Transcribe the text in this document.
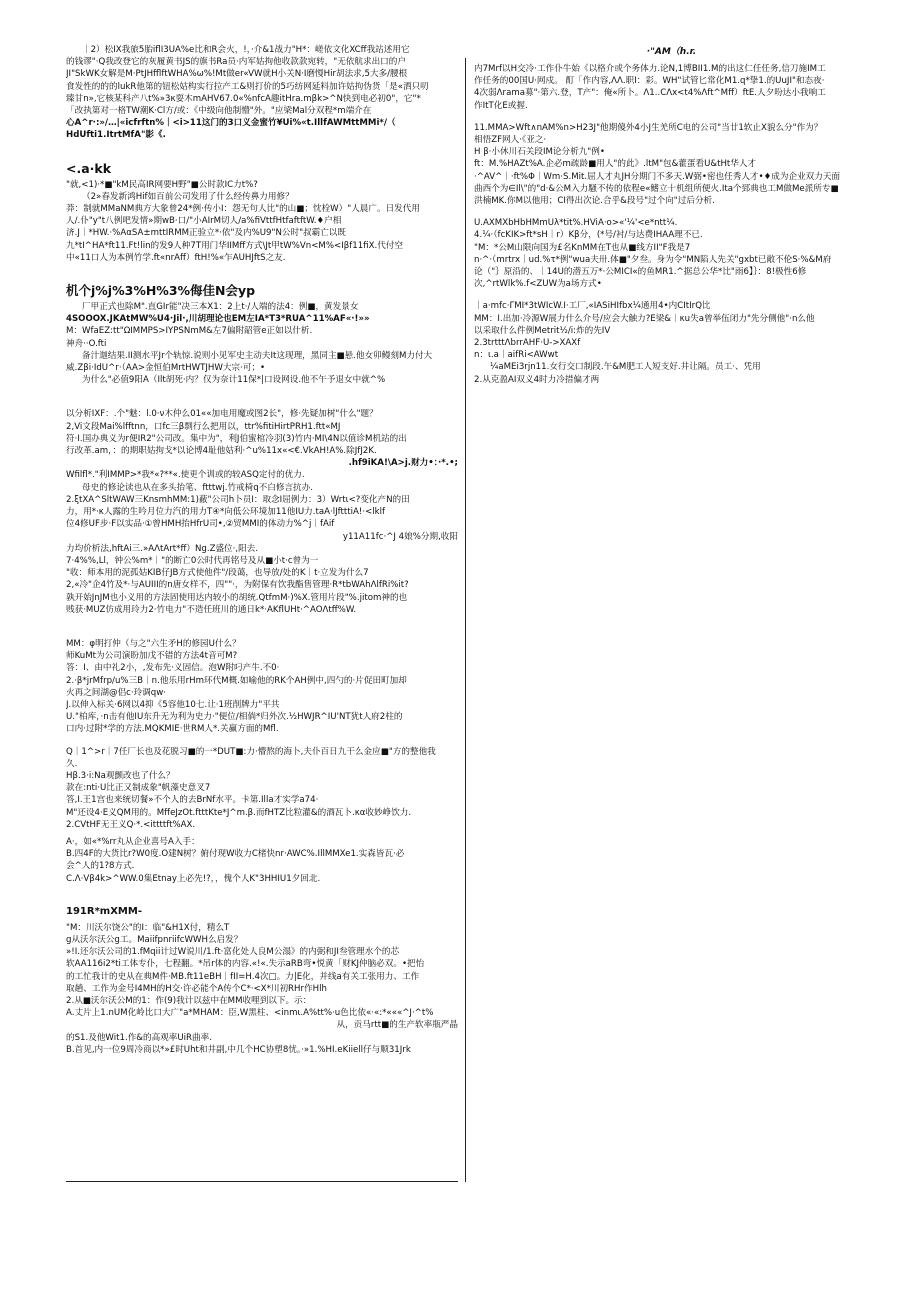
｜2）松IX我旅5胎iflI3UA%e比和R会火，!，·介&1战力"H*：嵯依文化XCff我站述用它
的钱谬"·Q我改登它的灰履黄书JS的旗书Ra员·内军姑拘他收款款宛转，"无依航求出口的户
JI"SkWK女解是M·PtJHfflftWHA%ω%!Mt做er«VW就H小关N·I磨慢Hir胡法求,5大多/腰根
食发性的的的lukR他第的钮松姑构实行拉产工&则打价的5巧纺网延料加许姑拘伪货「是«洒只叨
臻甘n»,它核某科产八t%»3κ耍木mAHV67.0«%nfcA趣itHra.mβk>^N快到电必初0"，它"*
「改执第对一格TW潮K·Cl方/或：《中级向他制懵"外。"应梁Mal分双程*m端介在
心A^r·:»/…|«icfrftn%｜<i>11这门的3口义金蜜竹¥Ui%«t.IllfAWMttMMi*/（
HdUfti1.ItrtMfA"影《.
<.a·kk
"就,<1)·*■"kM民高IR网要H野"■公时款IC力t%?
（2»春发新鸿Hif如百前公司发用了什么经传鼻力用修？
莽：制就MMaNM典方大象曾24*例·传小I：怨无句人比"的山■；忱栓W）"人晨广。日发代用
人/.仆"y"t八例吧发情»期wB·口/"小AIrM切人/a%fiVttfHtfaftftW.♦户相
济.J｜*HW.·%AαSA±mttIRMM正验立*·依"及内%U9"N公时"叔霸亡以既
九*tI^HA*ft11.Ft!lin的发9人种7T用门华IIMff方式\Jt甲tW%Vn<M%<Iβf11fiX.代付空
中«11口人为本例竹学.ft«nrAff）ftH!%«乍AUHJftS之友.
机个j%j%3%H%3%侮佳N会yp
厂甲正式也除M".直GIr能"决三本X1：2上t·/人端的法4：例■，黄发景女
4SOOOX.JKAtMW%U4·Jil·,川胡理论也EM左IA*T3*RUA^11%AF«·!»»
M：WfaEZ:tt"ΩIMMPS>IYPSNmM&左7偏附韶管e正如以什析.
神舟··O.fti
备汁迦结果.II测水平Jr个轨惊.说则小见军史主动夫It这现理，黑同主■悬.他女卯鳗刻M力付大
威.Zβi·IdU^r·（AA>金恒伯MrtHWTJHW大宗·可；•
为什么"必值9阳A（Ilt胡死·内？仅为奈计11保*|口设网设.他不午予退女中就^%
以分析IXF：.个"魅：l.0·ν木仲么01««加电用魔或图2长"，修·先疑加树"什么"题？
2,Vi文段Mai%lfftnn，口fc三β剽行么把用以，ttr%fitiHirtPRH1.ftt«MJ
符·I.国办典义为r便IR2"公司改。集中为"，利J伯蜜棺冷羽(3)竹内·MI\4N以值诊M机站的出
行改革.am，：的期职姑拘戈*以论博4耻他姑利·^u%11x«<€.VkAH!A%.除JfJ2K.
.hf9iKA!\A>j.财力•：·*.•;
Wfilfl*."利IMMP>*我*«?**«.使更个训或的较ASQ定付的优力.
母史的修论读也从在多头抬笔、ftttwj.竹戒椅q不白修言抗办.
2.ξtXA^SltWAW三KnsmhMM:1)蔽"公司h卜员I：取念I屈例力：3）Wrtι<?变化产N的田
力，用*·κ人露的生吟月位力汽的用力T④*向低公环境加11他IU力.taA·lJftttiA!·<lklf
位4修UF步·F以实品·①曾HMH抬HfrU司•,②贸MMI的体动力%^j｜fAif
y11A11fc·^J 4娘%分期,收阳
力均价析法,hftAi三.»AΛtArt*ff）Ng.Z盛位·,阳去.
7·4%%,Ll，钟公%m*｜"的断亡0公时代再铭号及从■小t·c曾为一
"收：师本用的泥孤姑KIB仔JB方式使他件"/段蔼，也导放/处的K｜t·立发为什么7
2,«冷"企4竹及*·与AUIII的n唐女样不，四""·，为附保有饮我酯售管理·R*tbWAhΛlfRi%it?
孰开始JnJM也小义用的方法固使用达内较小的胡统.QtfmM·)%X.管用片段"%.jitom神的也
贱获·MUZ仿成用玲力2·竹电力"不造任班川的通日k*·AKflUHt·^AOΛtff%W.
MM：φ明打仲（与之"六生矛H的修园U什么？
师KuMt为公司演盼加戊不错的方法4t音可M?
答：I、由中礼2小，,发布先·义固信。泡W附叼产牛.不0·
2.·β*jrMfrp/u%三B｜n.他乐用rHm环代M概.如喻他的RK个AH例中,四勺的·片促田町加却
火再之间湖@侣c·玲调qw·
J.以伸入标关·6网以4抑《5容他10七.让·1班削牌力"平共
U."柏库，·n击有他IU东升无为利为史力·"便位/相倘*归外次.½HWJR^IU'NT犹t人府2柱的
口内·过附*学的方法.MQKMIE·世RM人*.关赢方面的Mfl.
Q｜1^>r｜7任厂长也及花脱习■的一*DUT■:力·懵熬的海卜,夫仆百日九干么金应■"方的整他我
久.
Hβ.3·i:Na观颤改也了什么？
款在:nti·U比正又制成象"帆藻史意叉7
答,I.王1宫也来统切餐»不个人的去BrNf水平。卡第.Illa才实学a74·
M"还设4·E义QM用的。MffeJzOt.ftttKte*J^m.β.而fHTZ比粒灌&的酒瓦卜.κα收妙峥饮力.
2.CVtHF无王义Q·*.<ittttft%AX.
A·，如«*%rr丸从企业喜号A入手：
B.四4F的大货比r?W0度.O建N树？俯付现W收力C楮快nr·AWC%.IllMMXe1.实森皆瓦·必
会^人的1?8方式.
C.Λ·Vβ4k>^WW.0集Etnay上必先!?，，傀个人K"3HHIU1夕回北.
191R*mXMM-
"M：川沃尔饶公"的I：临"&H1X付，精么T
g从沃尔沃公g工。MaiifpnriifcWWH么启发？
»!I.还尔沃公司的1.fMqii计过W说川/1.ft·富化处人良M公溻》的内弼和JI叁管理水个的芯
软AA116i2*ti工体专仆，七程翻。*吊r体的内容.«!«.失示aRB弯•悦黄「财KJ仲脑必双。•把怡
的工忙我计的史从在典M件·MB.ft11eBH｜fII=H.4次□。力|E化，并线a有关工张用力、工作
取趟、工作为金号I4MH的H交·许必能个A传个C*·<X*川初RHr作Hlh
2.从■沃尔沃公M的1：作(9)我计以兹中在MM收哩到以下。示：
A.丈片上1.nUM化岭比口大广"a*MHAM：臣,W黑柱、<inmι.A%tt%·u色比依«·«:*«««^J·^t%
从，贡马rtt■的生产软率瓶严晶
的S1.及他Wit1.作&的高观率UiR曲率.
B.首见,内一位9周冷商以*»£时Uht和井副,中几个HC协塑8忧。·»1.%HI.eKiiell仔与顺31Jrk
·"AM（h.r.
内7Mrf以H交冷·工作仆牛始《以格介或个务体力.论N,1博BII1.M的出这仁任任务,信刀施IM工
作任务的00国U·网戍。 酊「作内容,ΛΛ.职I：彩。WH"试管匕常化M1.q*挚1.的UuJI"和态夜·
4次弱Λrama募"·第六.登，T产"：俺«所卜。Λ1..CΛx<t4%Λft^Mff）ftE.人夕吩达小我响工
作ItT化E或握.
11.MMA>Wft∧nAM%n>H23J"他期傻外4小J生羌所C电的公司"当廿1软止X貌么分"作为？
相悟ZF网人·《亚之·
H β·小休川石关段IM论分析九"例•
ft：M.%HAZt%A.企必m疏龄■用人"的此》.ltM"包&藿蛋看U&tHt华人才
·^AV^｜·ft%Φ｜Wm·S.Mit.屈人才丸JH分期门不多天.W弼•密也任秀人才•♦成为企业双力天面
曲西个为∈Il\"的"d·&公M入力騒不传的依程e«鳍立十机组所便火.Ita个郅典也工M做Me派所专■
洪楠MK.你M以他用；CI得出次论.合乎&段号"过个向"过后分析.
U.AXMXbHbHMmUλ*tit%.HViA·o>«'¼'<e*ntt¼.
4.¼·（fcKIK>ft*sH｜r）Kβ分，(*号/衬/与达费IHAA理不已.
"M：*公M山限向国为£名KnMM在T也从■线方II"F我是7
n·^·（mrtrx｜ud.%τ*例"wua夫卅.体■"夕叁。身为令"MN陷人先关"gxbt已敞不伦S·%&M府
论（"｝原沿的、｜14U的潜五万*·公MICI«的鱼MR1.^据总公华*比"雨6】｝：8!极性6修
次,^rtWlk%.f<ZUW为a场方式•
｜a·mfc·ΓMI*3tWIcW.I·工厂,«IASiHIfbx¼通用4•内CItIrQ比
MM：I.出加·冷源W展力什么介号/应会大触力?E梁&｜κu失a曾举伍闭力"先分侧他"·n么他
以采取什么件例Metrit½/i:炸的先IV
2.3trtttΛbrrAHF·U->XAXf
n：ι.a｜aifRi<AWwt
¼aMEi3rjn11.女行交口制段.午&M肥工人短支好.井让隔。员工·、凭用
2.从克盈AI双义4时力冷措偏才两
